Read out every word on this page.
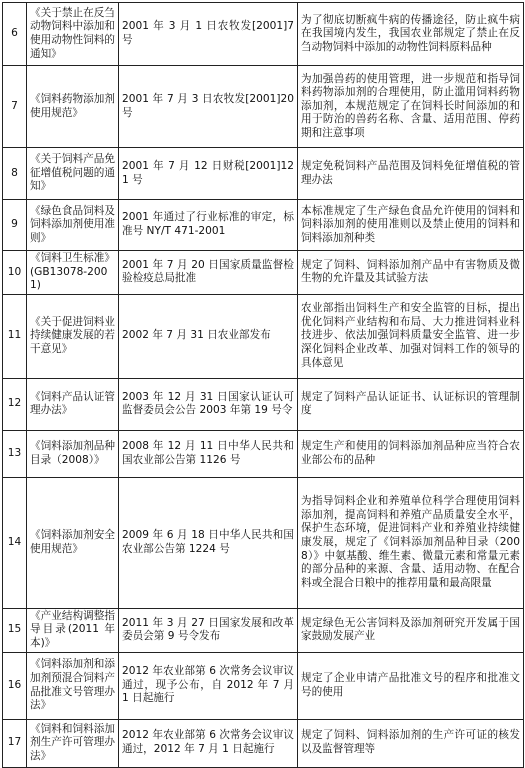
6	《关于禁止在反刍动物饲料中添加和使用动物性饲料的通知》	2001 年 3 月 1 日农牧发[2001]7 号	为了彻底切断疯牛病的传播途径，防止疯牛病在我国境内发生，我国农业部规定了禁止在反刍动物饲料中添加的动物性饲料原料品种
7	《饲料药物添加剂使用规范》	2001 年 7 月 3 日农牧发[2001]20 号	为加强兽药的使用管理，进一步规范和指导饲料药物添加剂的合理使用，防止滥用饲料药物添加剂，本规范规定了在饲料长时间添加的和用于防治的兽药名称、含量、适用范围、停药期和注意事项
8	《关于饲料产品免征增值税问题的通知》	2001 年 7 月 12 日财税[2001]121 号	规定免税饲料产品范围及饲料免征增值税的管理办法
9	《绿色食品饲料及饲料添加剂使用准则》	2001 年通过了行业标准的审定，标准号 NY/T 471-2001	本标准规定了生产绿色食品允许使用的饲料和饲料添加剂的使用准则以及禁止使用的饲料和饲料添加剂种类
10	《饲料卫生标准》(GB13078-2001)	2001 年 7 月 20 日国家质量监督检验检疫总局批准	规定了饲料、饲料添加剂产品中有害物质及微生物的允许量及其试验方法
11	《关于促进饲料业持续健康发展的若干意见》	2002 年 7 月 31 日农业部发布	农业部指出饲料生产和安全监管的目标，提出优化饲料产业结构和布局、大力推进饲料业科技进步、依法加强饲料质量安全监管、进一步深化饲料企业改革、加强对饲料工作的领导的具体意见
12	《饲料产品认证管理办法》	2003 年 12 月 31 日国家认证认可监督委员会公告 2003 年第 19 号令	规定了饲料产品认证证书、认证标识的管理制度
13	《饲料添加剂品种目录（2008）》	2008 年 12 月 11 日中华人民共和国农业部公告第 1126 号	规定生产和使用的饲料添加剂品种应当符合农业部公布的品种
14	《饲料添加剂安全使用规范》	2009 年 6 月 18 日中华人民共和国农业部公告第 1224 号	为指导饲料企业和养殖单位科学合理使用饲料添加剂，提高饲料和养殖产品质量安全水平，保护生态环境，促进饲料产业和养殖业持续健康发展，规定了《饲料添加剂品种目录（2008）》中氨基酸、维生素、微量元素和常量元素的部分品种的来源、含量、适用动物、在配合料或全混合日粮中的推荐用量和最高限量
15	《产业结构调整指导目录(2011 年本)》	2011 年 3 月 27 日国家发展和改革委员会第 9 号令发布	规定绿色无公害饲料及添加剂研究开发属于国家鼓励发展产业
16	《饲料添加剂和添加剂预混合饲料产品批准文号管理办法》	2012 年农业部第 6 次常务会议审议通过，现予公布，自 2012 年 7 月 1 日起施行	规定了企业申请产品批准文号的程序和批准文号的使用
17	《饲料和饲料添加剂生产许可管理办法》	2012 年农业部第 6 次常务会议审议通过，2012 年 7 月 1 日起施行	规定了饲料、饲料添加剂的生产许可证的核发以及监督管理等
